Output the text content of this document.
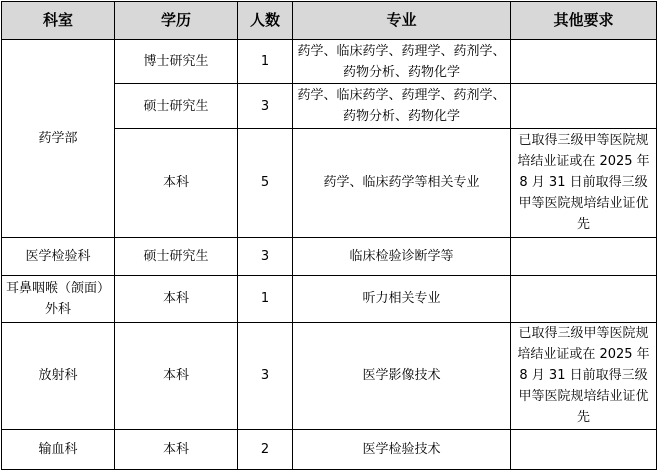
科室	学历	人数	专业	其他要求
药学部	博士研究生	1	药学、临床药学、药理学、药剂学、药物分析、药物化学	
	硕士研究生	3	药学、临床药学、药理学、药剂学、药物分析、药物化学	
	本科	5	药学、临床药学等相关专业	已取得三级甲等医院规培结业证或在 2025 年 8 月 31 日前取得三级甲等医院规培结业证优先
医学检验科	硕士研究生	3	临床检验诊断学等	
耳鼻咽喉（颌面）外科	本科	1	听力相关专业	
放射科	本科	3	医学影像技术	已取得三级甲等医院规培结业证或在 2025 年 8 月 31 日前取得三级甲等医院规培结业证优先
输血科	本科	2	医学检验技术	
